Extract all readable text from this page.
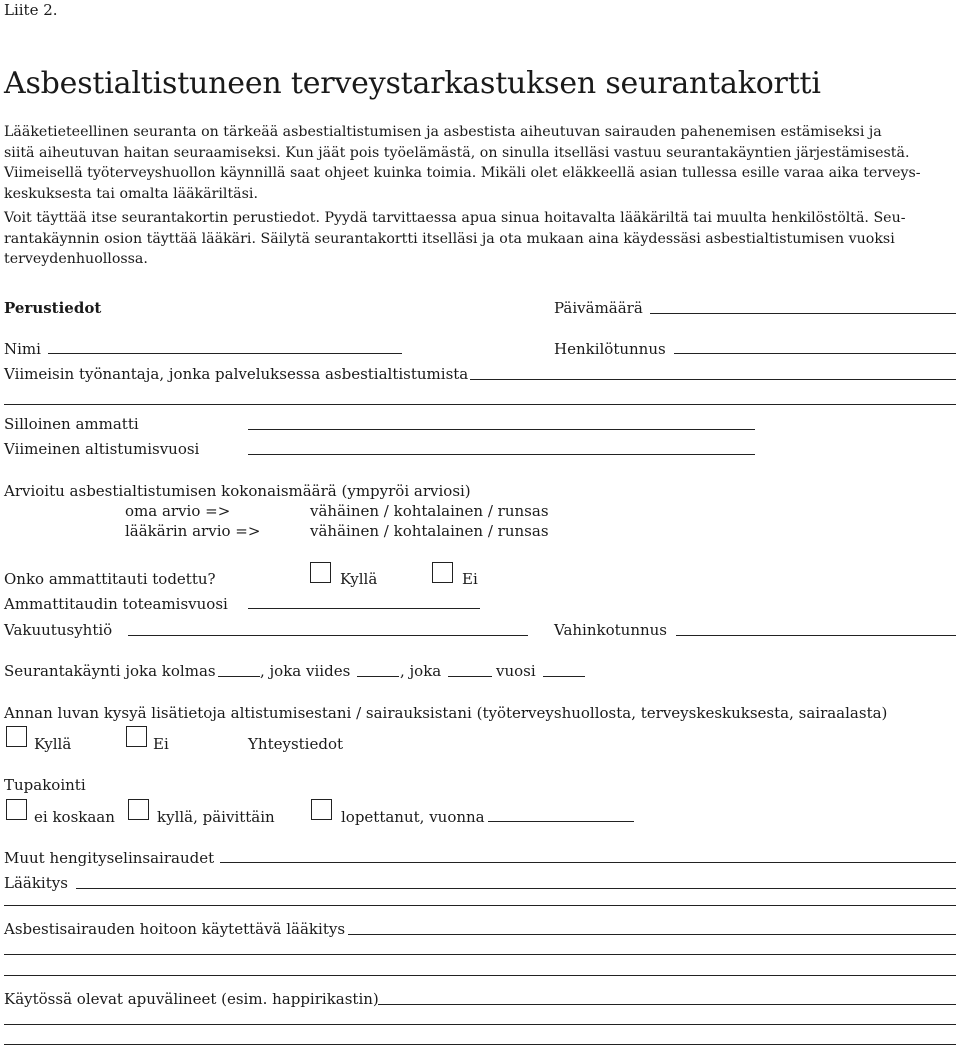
Liite 2.
Asbestialtistuneen terveystarkastuksen seurantakortti

Lääketieteellinen seuranta on tärkeää asbestialtistumisen ja asbestista aiheutuvan sairauden pahenemisen estämiseksi ja

siitä aiheutuvan haitan seuraamiseksi. Kun jäät pois työelämästä, on sinulla itselläsi vastuu seurantakäyntien järjestämisestä.

Viimeisellä työterveyshuollon käynnillä saat ohjeet kuinka toimia. Mikäli olet eläkkeellä asian tullessa esille varaa aika terveys-

keskuksesta tai omalta lääkäriltäsi.

Voit täyttää itse seurantakortin perustiedot. Pyydä tarvittaessa apua sinua hoitavalta lääkäriltä tai muulta henkilöstöltä. Seu-

rantakäynnin osion täyttää lääkäri. Säilytä seurantakortti itselläsi ja ota mukaan aina käydessäsi asbestialtistumisen vuoksi

terveydenhuollossa.

Perustiedot	Päivämäärä
Nimi	Henkilötunnus
Viimeisin työnantaja, jonka palveluksessa asbestialtistumista
Silloinen ammatti
Viimeinen altistumisvuosi
Arvioitu asbestialtistumisen kokonaismäärä (ympyröi arviosi)
oma arvio =>	vähäinen / kohtalainen / runsas
lääkärin arvio =>	vähäinen / kohtalainen / runsas
Onko ammattitauti todettu?	Kyllä	Ei
Ammattitaudin toteamisvuosi
Vakuutusyhtiö	Vahinkotunnus
Seurantakäynti joka kolmas	, joka viides	, joka	vuosi
Annan luvan kysyä lisätietoja altistumisestani / sairauksistani (työterveyshuollosta, terveyskeskuksesta, sairaalasta)
Kyllä	Ei	Yhteystiedot
Tupakointi
ei koskaan	kyllä, päivittäin	lopettanut, vuonna
Muut hengityselinsairaudet
Lääkitys
Asbestisairauden hoitoon käytettävä lääkitys
Käytössä olevat apuvälineet (esim. happirikastin)
